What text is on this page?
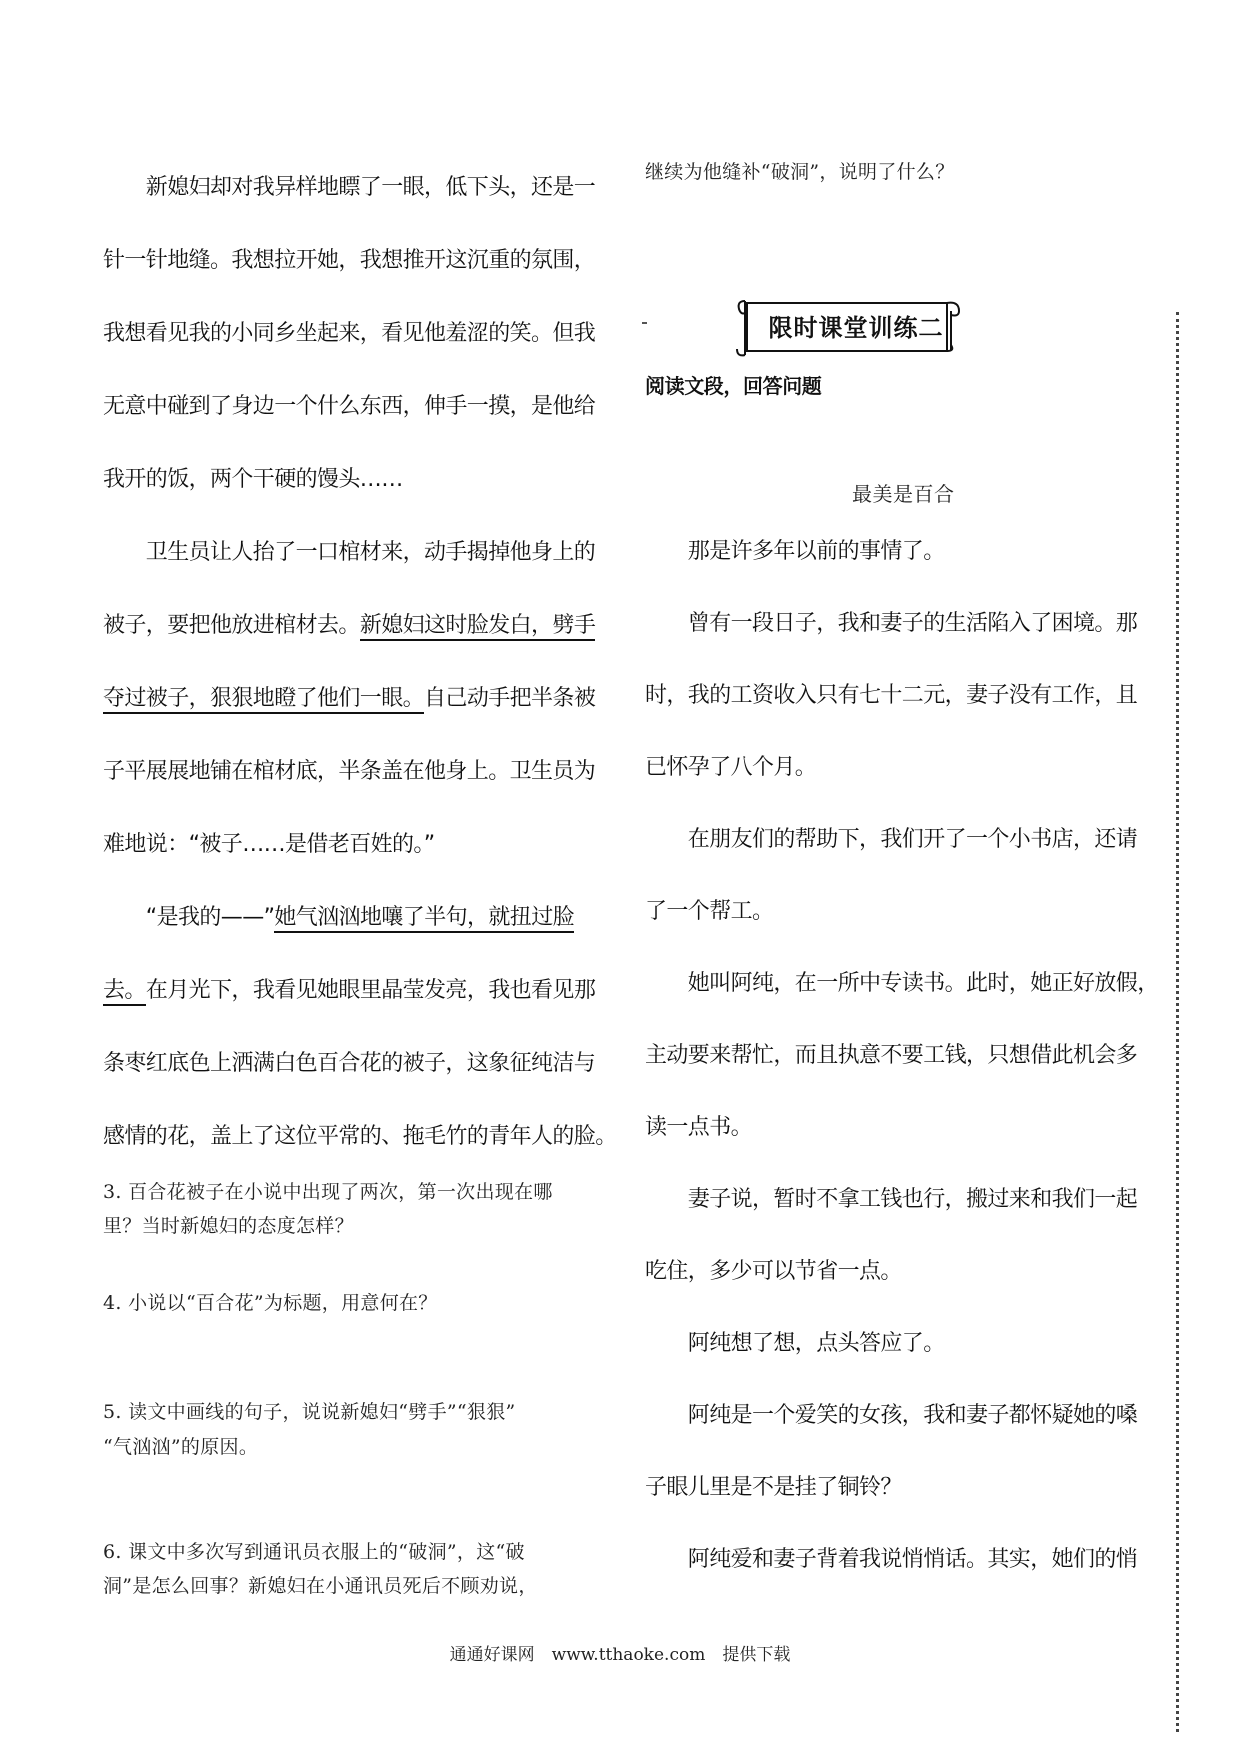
　　新媳妇却对我异样地瞟了一眼，低下头，还是一
针一针地缝。我想拉开她，我想推开这沉重的氛围，
我想看见我的小同乡坐起来，看见他羞涩的笑。但我
无意中碰到了身边一个什么东西，伸手一摸，是他给
我开的饭，两个干硬的馒头……
　　卫生员让人抬了一口棺材来，动手揭掉他身上的
被子，要把他放进棺材去。新媳妇这时脸发白，劈手
夺过被子，狠狠地瞪了他们一眼。自己动手把半条被
子平展展地铺在棺材底，半条盖在他身上。卫生员为
难地说：“被子……是借老百姓的。”
　　“是我的——”她气汹汹地嚷了半句，就扭过脸
去。在月光下，我看见她眼里晶莹发亮，我也看见那
条枣红底色上洒满白色百合花的被子，这象征纯洁与
感情的花，盖上了这位平常的、拖毛竹的青年人的脸。
3. 百合花被子在小说中出现了两次，第一次出现在哪
里？当时新媳妇的态度怎样？
4. 小说以“百合花”为标题，用意何在？
5. 读文中画线的句子，说说新媳妇“劈手”“狠狠”
“气汹汹”的原因。
6. 课文中多次写到通讯员衣服上的“破洞”，这“破
洞”是怎么回事？新媳妇在小通讯员死后不顾劝说，
继续为他缝补“破洞”，说明了什么？
　　那是许多年以前的事情了。
　　曾有一段日子，我和妻子的生活陷入了困境。那
时，我的工资收入只有七十二元，妻子没有工作，且
已怀孕了八个月。
　　在朋友们的帮助下，我们开了一个小书店，还请
了一个帮工。
　　她叫阿纯，在一所中专读书。此时，她正好放假，
主动要来帮忙，而且执意不要工钱，只想借此机会多
读一点书。
　　妻子说，暂时不拿工钱也行，搬过来和我们一起
吃住，多少可以节省一点。
　　阿纯想了想，点头答应了。
　　阿纯是一个爱笑的女孩，我和妻子都怀疑她的嗓
子眼儿里是不是挂了铜铃？
　　阿纯爱和妻子背着我说悄悄话。其实，她们的悄
限时课堂训练二
阅读文段，回答问题
最美是百合
通通好课网　www.tthaoke.com　提供下载
